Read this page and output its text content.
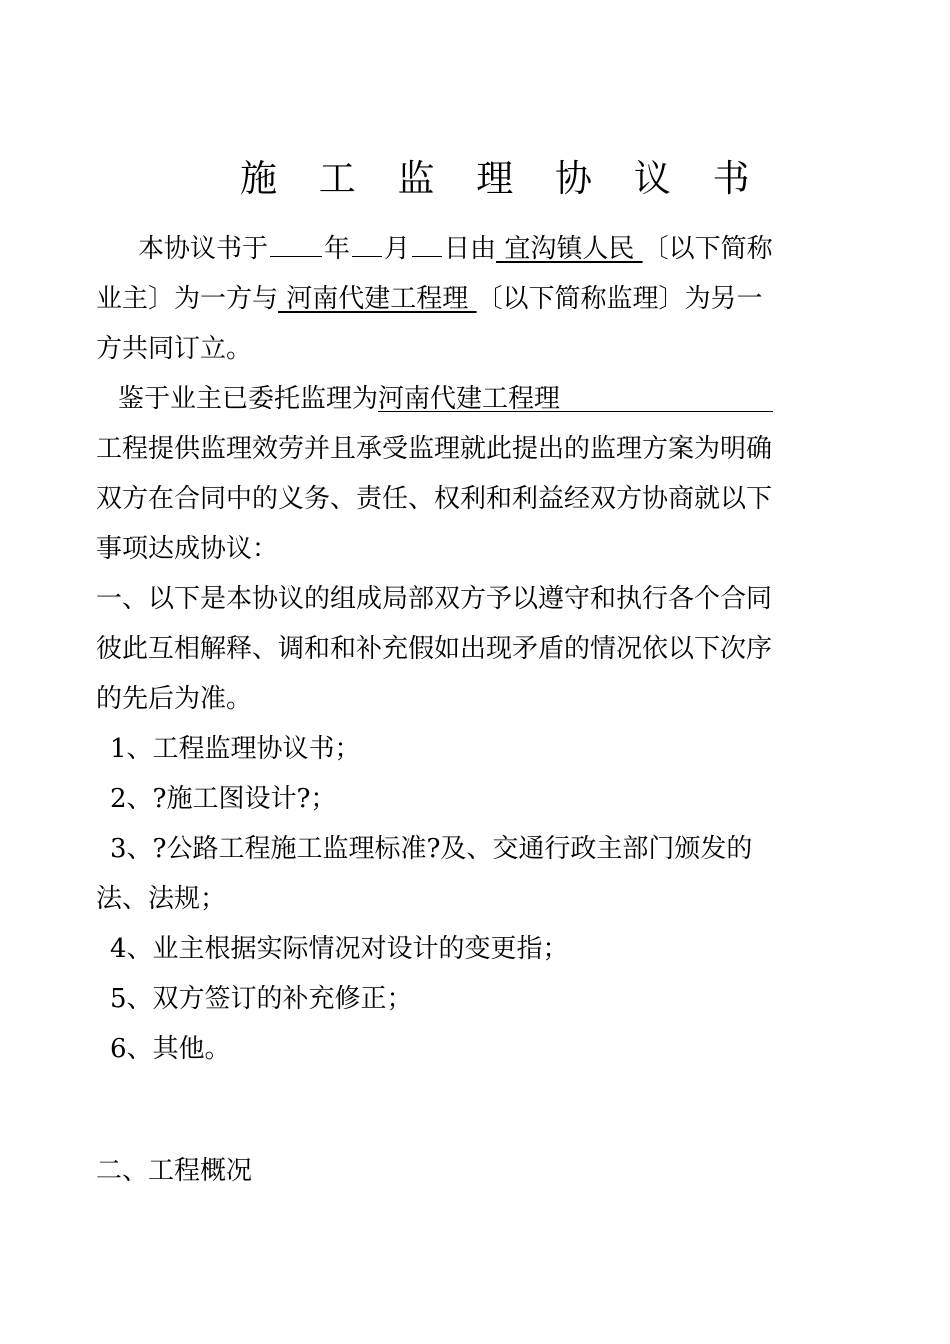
施 工 监 理 协 议 书
本协议书于 年 月 日由 宜沟镇人民 〔以下简称
业主〕为一方与 河南代建工程理 〔以下简称监理〕为另一
方共同订立。
鉴于业主已委托监理为河南代建工程理
工程提供监理效劳并且承受监理就此提出的监理方案为明确
双方在合同中的义务、责任、权利和利益经双方协商就以下
事项达成协议：
一、以下是本协议的组成局部双方予以遵守和执行各个合同
彼此互相解释、调和和补充假如出现矛盾的情况依以下次序
的先后为准。
1、工程监理协议书；
2、?施工图设计?；
3、?公路工程施工监理标准?及、交通行政主部门颁发的
法、法规；
4、业主根据实际情况对设计的变更指；
5、双方签订的补充修正；
6、其他。
二、工程概况
